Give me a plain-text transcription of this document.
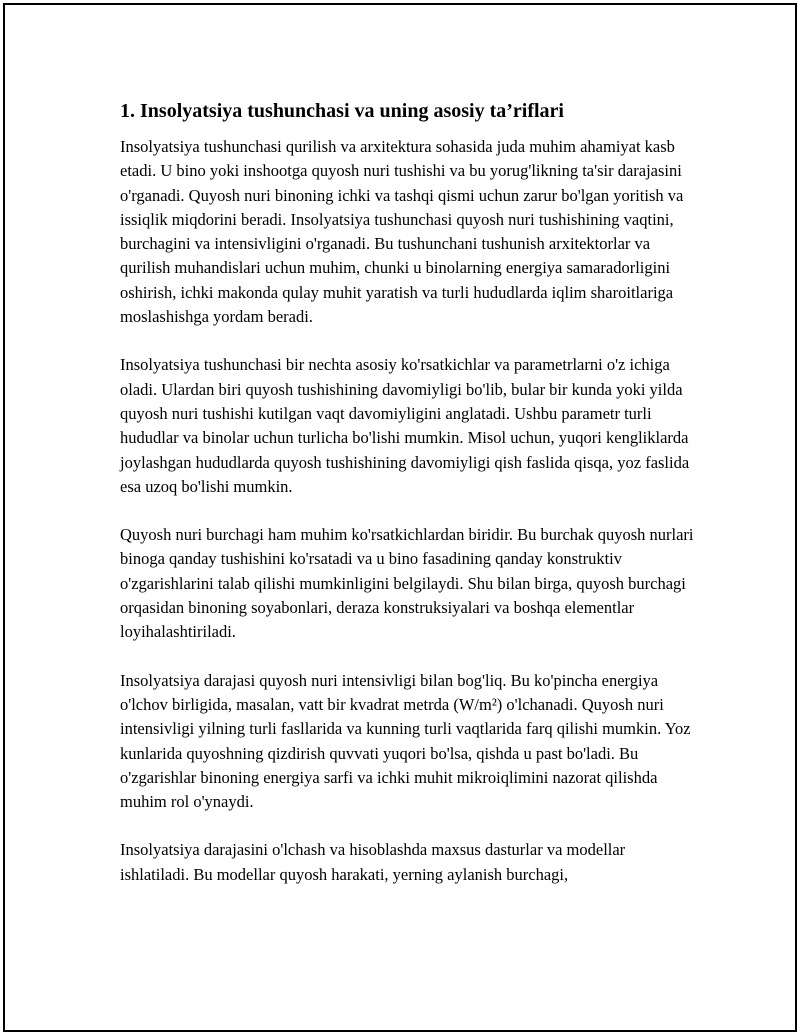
1. Insolyatsiya tushunchasi va uning asosiy ta’riflari

Insolyatsiya tushunchasi qurilish va arxitektura sohasida juda muhim ahamiyat kasb etadi. U bino yoki inshootga quyosh nuri tushishi va bu yorug'likning ta'sir darajasini o'rganadi. Quyosh nuri binoning ichki va tashqi qismi uchun zarur bo'lgan yoritish va issiqlik miqdorini beradi. Insolyatsiya tushunchasi quyosh nuri tushishining vaqtini, burchagini va intensivligini o'rganadi. Bu tushunchani tushunish arxitektorlar va qurilish muhandislari uchun muhim, chunki u binolarning energiya samaradorligini oshirish, ichki makonda qulay muhit yaratish va turli hududlarda iqlim sharoitlariga moslashishga yordam beradi.

Insolyatsiya tushunchasi bir nechta asosiy ko'rsatkichlar va parametrlarni o'z ichiga oladi. Ulardan biri quyosh tushishining davomiyligi bo'lib, bular bir kunda yoki yilda quyosh nuri tushishi kutilgan vaqt davomiyligini anglatadi. Ushbu parametr turli hududlar va binolar uchun turlicha bo'lishi mumkin. Misol uchun, yuqori kengliklarda joylashgan hududlarda quyosh tushishining davomiyligi qish faslida qisqa, yoz faslida esa uzoq bo'lishi mumkin.

Quyosh nuri burchagi ham muhim ko'rsatkichlardan biridir. Bu burchak quyosh nurlari binoga qanday tushishini ko'rsatadi va u bino fasadining qanday konstruktiv o'zgarishlarini talab qilishi mumkinligini belgilaydi. Shu bilan birga, quyosh burchagi orqasidan binoning soyabonlari, deraza konstruksiyalari va boshqa elementlar loyihalashtiriladi.

Insolyatsiya darajasi quyosh nuri intensivligi bilan bog'liq. Bu ko'pincha energiya o'lchov birligida, masalan, vatt bir kvadrat metrda (W/m²) o'lchanadi. Quyosh nuri intensivligi yilning turli fasllarida va kunning turli vaqtlarida farq qilishi mumkin. Yoz kunlarida quyoshning qizdirish quvvati yuqori bo'lsa, qishda u past bo'ladi. Bu o'zgarishlar binoning energiya sarfi va ichki muhit mikroiqlimini nazorat qilishda muhim rol o'ynaydi.

Insolyatsiya darajasini o'lchash va hisoblashda maxsus dasturlar va modellar ishlatiladi. Bu modellar quyosh harakati, yerning aylanish burchagi,
